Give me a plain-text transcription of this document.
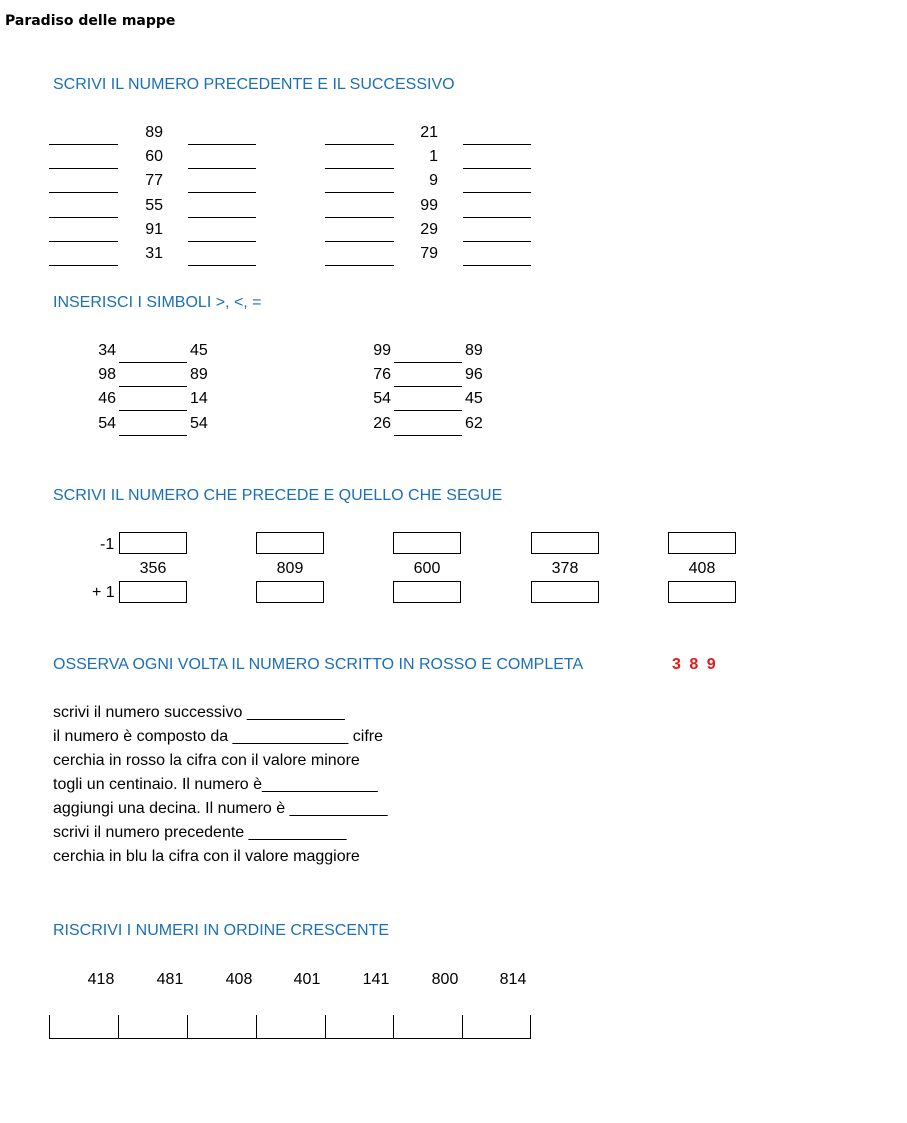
Paradiso delle mappe
SCRIVI IL NUMERO PRECEDENTE E IL SUCCESSIVO
89
60
77
55
91
31
21
1
9
99
29
79
INSERISCI I SIMBOLI >, <, =
34	45
98	89
46	14
54	54
99	89
76	96
54	45
26	62
SCRIVI IL NUMERO CHE PRECEDE E QUELLO CHE SEGUE
-1
+ 1
356	809	600	378	408
OSSERVA OGNI VOLTA IL NUMERO SCRITTO IN ROSSO E COMPLETA	3 8 9
scrivi il numero successivo ___________
il numero è composto da _____________ cifre
cerchia in rosso la cifra con il valore minore
togli un centinaio. Il numero è_____________
aggiungi una decina. Il numero è ___________
scrivi il numero precedente ___________
cerchia in blu la cifra con il valore maggiore
RISCRIVI I NUMERI IN ORDINE CRESCENTE
418	481	408	401	141	800	814
